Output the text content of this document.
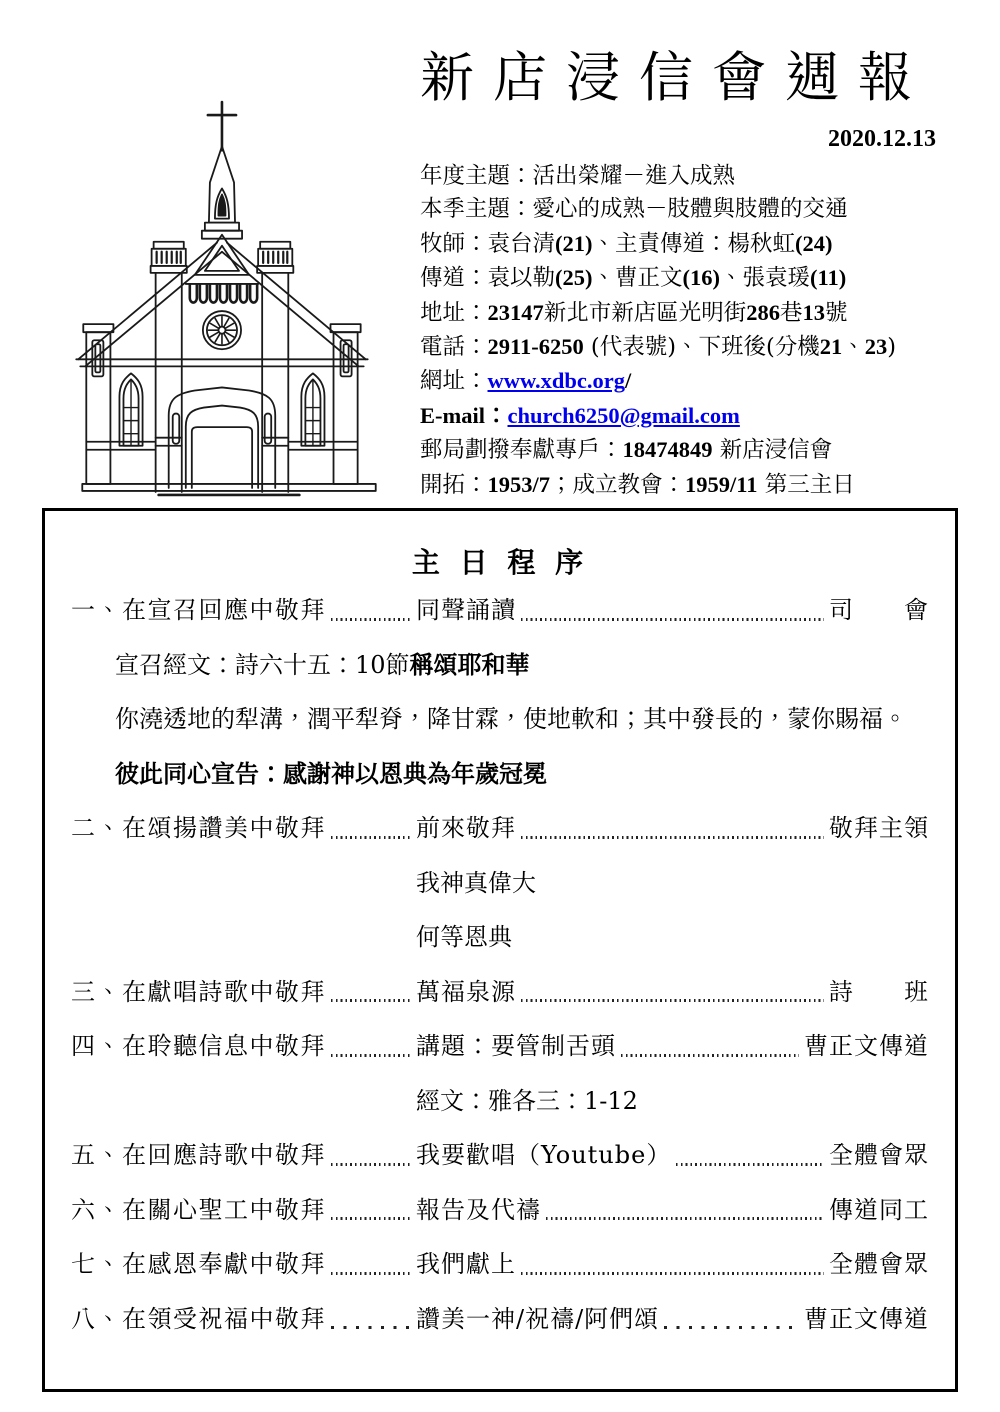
新店浸信會週報
2020.12.13
年度主題：活出榮耀－進入成熟
本季主題：愛心的成熟－肢體與肢體的交通
牧師：袁台清(21)、主責傳道：楊秋虹(24)
傳道：袁以勒(25)、曹正文(16)、張袁瑗(11)
地址：23147新北市新店區光明街286巷13號
電話：2911-6250 (代表號)、下班後(分機21、23)
網址：www.xdbc.org/
E-mail：church6250@gmail.com
郵局劃撥奉獻專戶：18474849 新店浸信會
開拓：1953/7；成立教會：1959/11 第三主日
主 日 程 序
一、在宣召回應中敬拜	同聲誦讀	司　　會
宣召經文：詩六十五：10節 稱頌耶和華
你澆透地的犁溝，潤平犁脊，降甘霖，使地軟和；其中發長的，蒙你賜福。
彼此同心宣告：感謝神以恩典為年歲冠冕
二、在頌揚讚美中敬拜	前來敬拜	敬拜主領
我神真偉大
何等恩典
三、在獻唱詩歌中敬拜	萬福泉源	詩　　班
四、在聆聽信息中敬拜	講題：要管制舌頭	曹正文傳道
經文：雅各三：1-12
五、在回應詩歌中敬拜	我要歡唱（Youtube）	全體會眾
六、在關心聖工中敬拜	報告及代禱	傳道同工
七、在感恩奉獻中敬拜	我們獻上	全體會眾
八、在領受祝福中敬拜	讚美一神/祝禱/阿們頌	曹正文傳道
